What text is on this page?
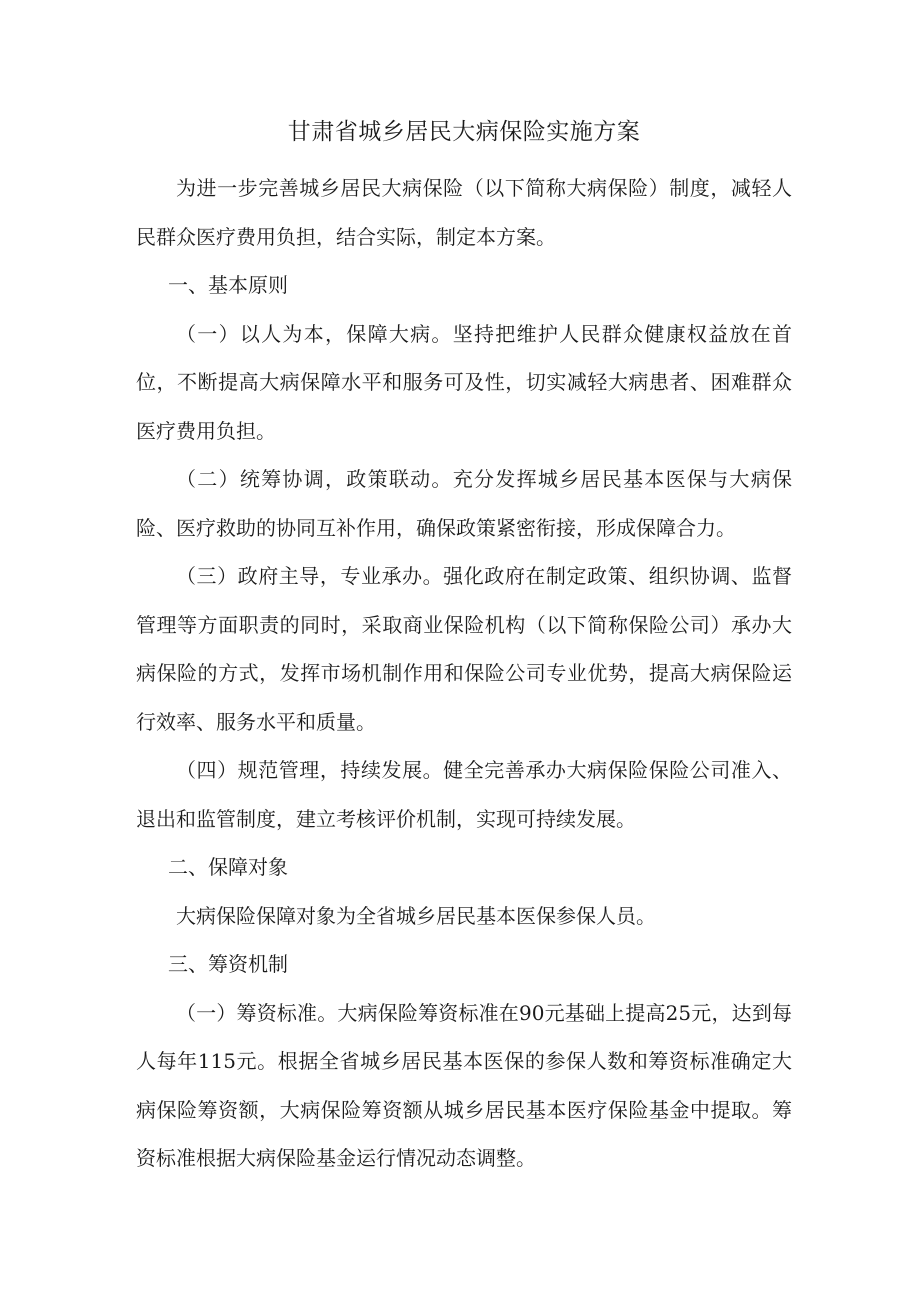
甘肃省城乡居民大病保险实施方案

为进一步完善城乡居民大病保险（以下简称大病保险）制度，减轻人民群众医疗费用负担，结合实际，制定本方案。

一、基本原则

（一）以人为本，保障大病。坚持把维护人民群众健康权益放在首位，不断提高大病保障水平和服务可及性，切实减轻大病患者、困难群众医疗费用负担。

（二）统筹协调，政策联动。充分发挥城乡居民基本医保与大病保险、医疗救助的协同互补作用，确保政策紧密衔接，形成保障合力。

（三）政府主导，专业承办。强化政府在制定政策、组织协调、监督管理等方面职责的同时，采取商业保险机构（以下简称保险公司）承办大病保险的方式，发挥市场机制作用和保险公司专业优势，提高大病保险运行效率、服务水平和质量。

（四）规范管理，持续发展。健全完善承办大病保险保险公司准入、退出和监管制度，建立考核评价机制，实现可持续发展。

二、保障对象

大病保险保障对象为全省城乡居民基本医保参保人员。

三、筹资机制

（一）筹资标准。大病保险筹资标准在90元基础上提高25元，达到每人每年115元。根据全省城乡居民基本医保的参保人数和筹资标准确定大病保险筹资额，大病保险筹资额从城乡居民基本医疗保险基金中提取。筹资标准根据大病保险基金运行情况动态调整。
